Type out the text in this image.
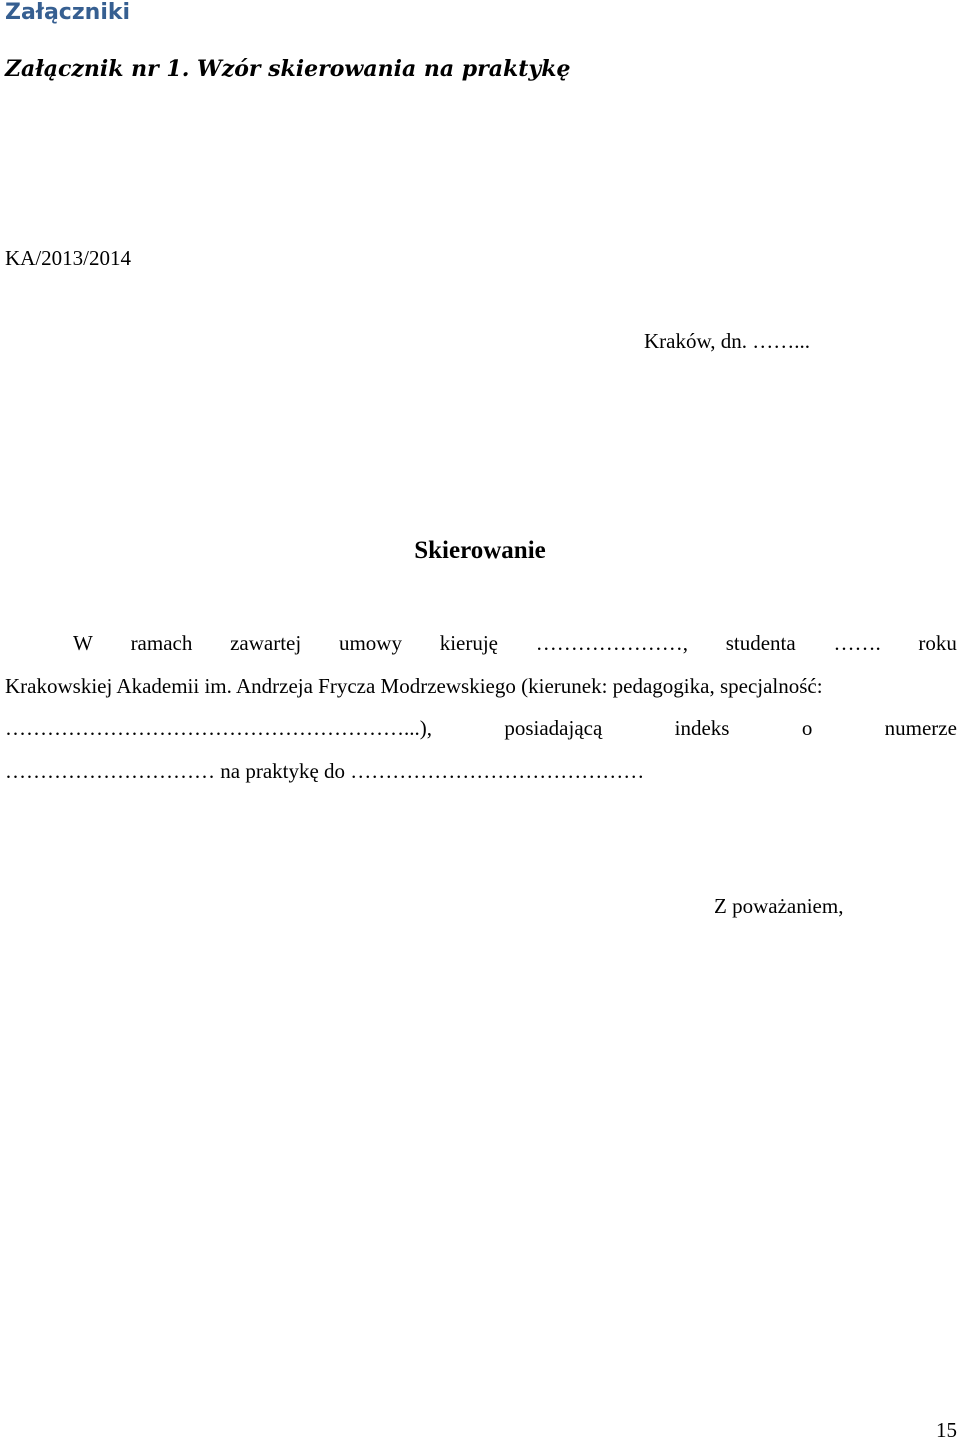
Załączniki
Załącznik nr 1. Wzór skierowania na praktykę
KA/2013/2014
Kraków, dn. ……...
Skierowanie
W ramach zawartej umowy kieruję …………………, studenta ……. roku
Krakowskiej Akademii im. Andrzeja Frycza Modrzewskiego (kierunek: pedagogika, specjalność:
…………………………………………………...),	posiadającą	indeks	o	numerze
………………………… na praktykę do ……………………………………
Z poważaniem,
15
